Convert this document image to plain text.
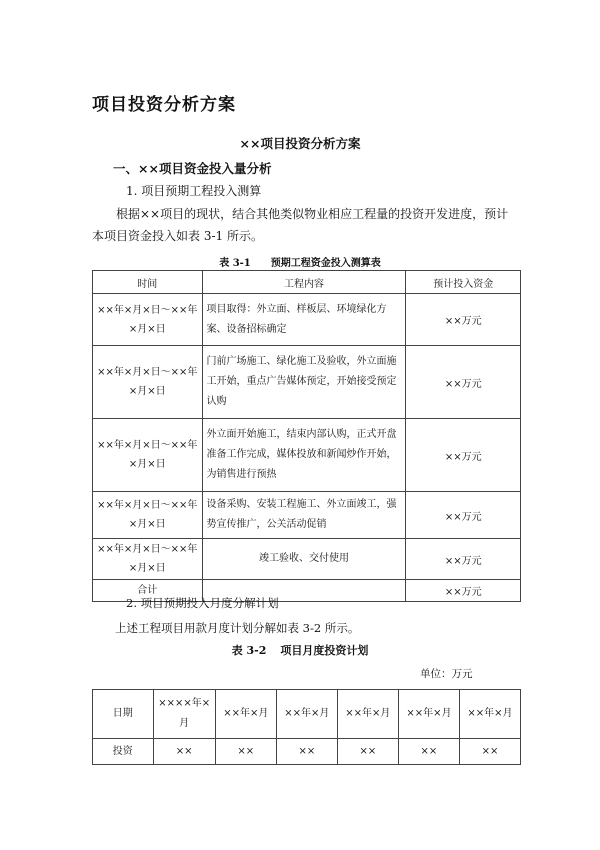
项目投资分析方案
××项目投资分析方案
一、××项目资金投入量分析
1. 项目预期工程投入测算
根据××项目的现状，结合其他类似物业相应工程量的投资开发进度，预计本项目资金投入如表 3-1 所示。
表 3-1 预期工程资金投入测算表
时间	工程内容	预计投入资金
××年×月×日～××年×月×日	项目取得：外立面、样板层、环境绿化方案、设备招标确定	××万元
××年×月×日～××年×月×日	门前广场施工、绿化施工及验收，外立面施工开始，重点广告媒体预定，开始接受预定认购	××万元
××年×月×日～××年×月×日	外立面开始施工，结束内部认购，正式开盘准备工作完成，媒体投放和新闻炒作开始，为销售进行预热	××万元
××年×月×日～××年×月×日	设备采购、安装工程施工、外立面竣工，强势宣传推广，公关活动促销	××万元
××年×月×日～××年×月×日	竣工验收、交付使用	××万元
合计		××万元
2. 项目预期投入月度分解计划
上述工程项目用款月度计划分解如表 3-2 所示。
表 3-2 项目月度投资计划
单位：万元
日期	××××年×月	××年×月	××年×月	××年×月	××年×月	××年×月
投资	××	××	××	××	××	××
